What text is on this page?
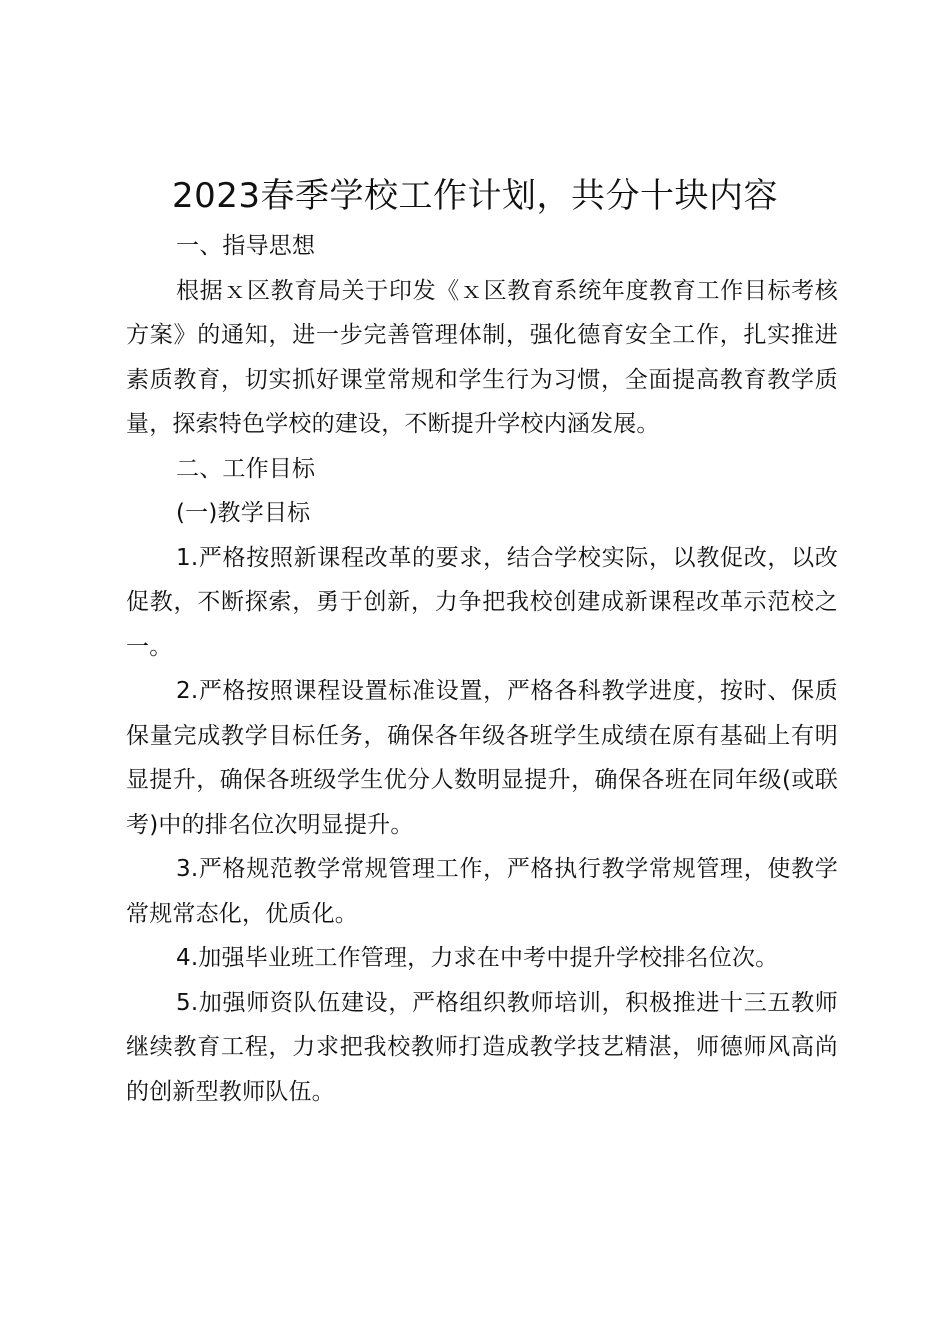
2023春季学校工作计划，共分十块内容

一、指导思想

根据ｘ区教育局关于印发《ｘ区教育系统年度教育工作目标考核方案》的通知，进一步完善管理体制，强化德育安全工作，扎实推进素质教育，切实抓好课堂常规和学生行为习惯，全面提高教育教学质量，探索特色学校的建设，不断提升学校内涵发展。

二、工作目标

(一)教学目标

1.严格按照新课程改革的要求，结合学校实际，以教促改，以改促教，不断探索，勇于创新，力争把我校创建成新课程改革示范校之一。

2.严格按照课程设置标准设置，严格各科教学进度，按时、保质保量完成教学目标任务，确保各年级各班学生成绩在原有基础上有明显提升，确保各班级学生优分人数明显提升，确保各班在同年级(或联考)中的排名位次明显提升。

3.严格规范教学常规管理工作，严格执行教学常规管理，使教学常规常态化，优质化。

4.加强毕业班工作管理，力求在中考中提升学校排名位次。

5.加强师资队伍建设，严格组织教师培训，积极推进十三五教师继续教育工程，力求把我校教师打造成教学技艺精湛，师德师风高尚的创新型教师队伍。
